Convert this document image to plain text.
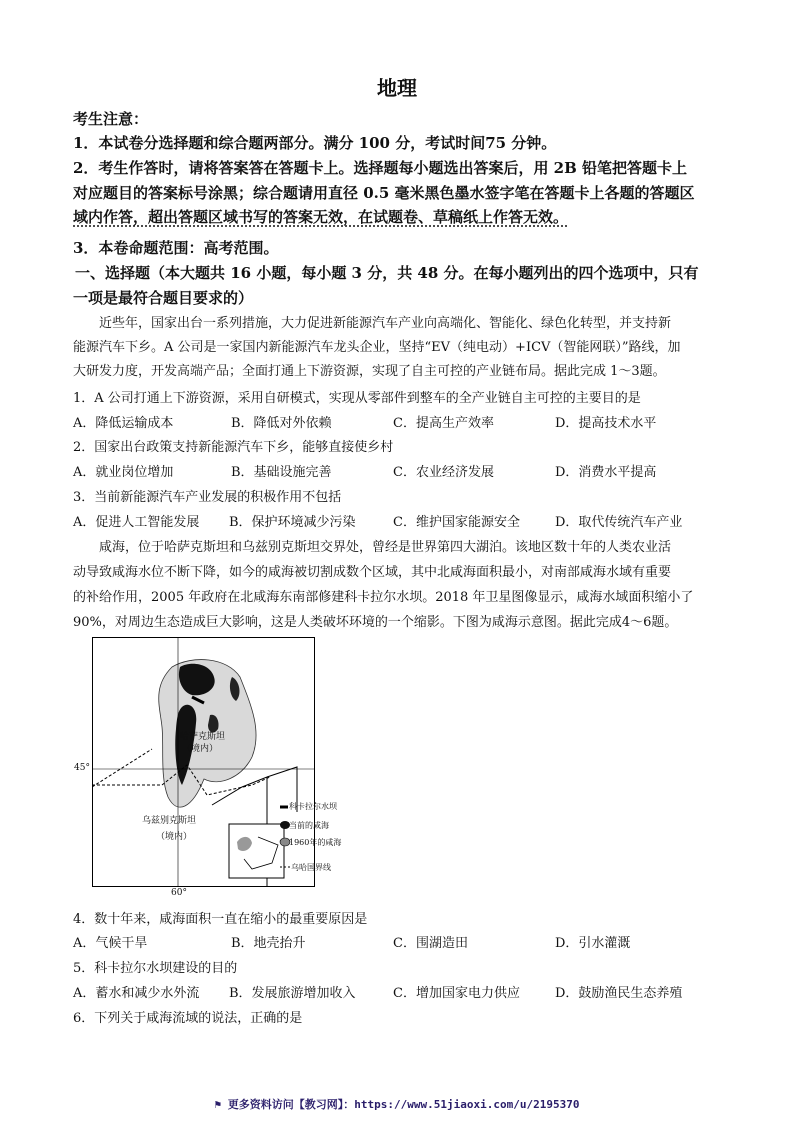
地理
考生注意：
1．本试卷分选择题和综合题两部分。满分 100 分，考试时间75 分钟。
2．考生作答时，请将答案答在答题卡上。选择题每小题选出答案后，用 2B 铅笔把答题卡上
对应题目的答案标号涂黑；综合题请用直径 0.5 毫米黑色墨水签字笔在答题卡上各题的答题区
域内作答，超出答题区域书写的答案无效，在试题卷、草稿纸上作答无效。
3．本卷命题范围：高考范围。
一、选择题（本大题共 16 小题，每小题 3 分，共 48 分。在每小题列出的四个选项中，只有
一项是最符合题目要求的）
近些年，国家出台一系列措施，大力促进新能源汽车产业向高端化、智能化、绿色化转型，并支持新
能源汽车下乡。A 公司是一家国内新能源汽车龙头企业，坚持“EV（纯电动）+ICV（智能网联）”路线，加
大研发力度，开发高端产品；全面打通上下游资源，实现了自主可控的产业链布局。据此完成 1～3题。
1．A 公司打通上下游资源，采用自研模式，实现从零部件到整车的全产业链自主可控的主要目的是
A．降低运输成本	B．降低对外依赖	C．提高生产效率	D．提高技术水平
2．国家出台政策支持新能源汽车下乡，能够直接使乡村
A．就业岗位增加	B．基础设施完善	C．农业经济发展	D．消费水平提高
3．当前新能源汽车产业发展的积极作用不包括
A．促进人工智能发展 B．保护环境减少污染	C．维护国家能源安全	D．取代传统汽车产业
咸海，位于哈萨克斯坦和乌兹别克斯坦交界处，曾经是世界第四大湖泊。该地区数十年的人类农业活
动导致咸海水位不断下降，如今的咸海被切割成数个区域，其中北咸海面积最小，对南部咸海水域有重要
的补给作用，2005 年政府在北咸海东南部修建科卡拉尔水坝。2018 年卫星图像显示，咸海水域面积缩小了
90%，对周边生态造成巨大影响，这是人类破坏环境的一个缩影。下图为咸海示意图。据此完成4～6题。
哈萨克斯坦
（境内）
乌兹别克斯坦
（境内）
45°
60°
科卡拉尔水坝
当前的咸海
1960年的咸海
乌哈国界线
4．数十年来，咸海面积一直在缩小的最重要原因是
A．气候干旱	B．地壳抬升	C．围湖造田	D．引水灌溉
5．科卡拉尔水坝建设的目的
A．蓄水和减少水外流 B．发展旅游增加收入	C．增加国家电力供应	D．鼓励渔民生态养殖
6．下列关于咸海流域的说法，正确的是
⚑ 更多资料访问【教习网】：https://www.51jiaoxi.com/u/2195370
